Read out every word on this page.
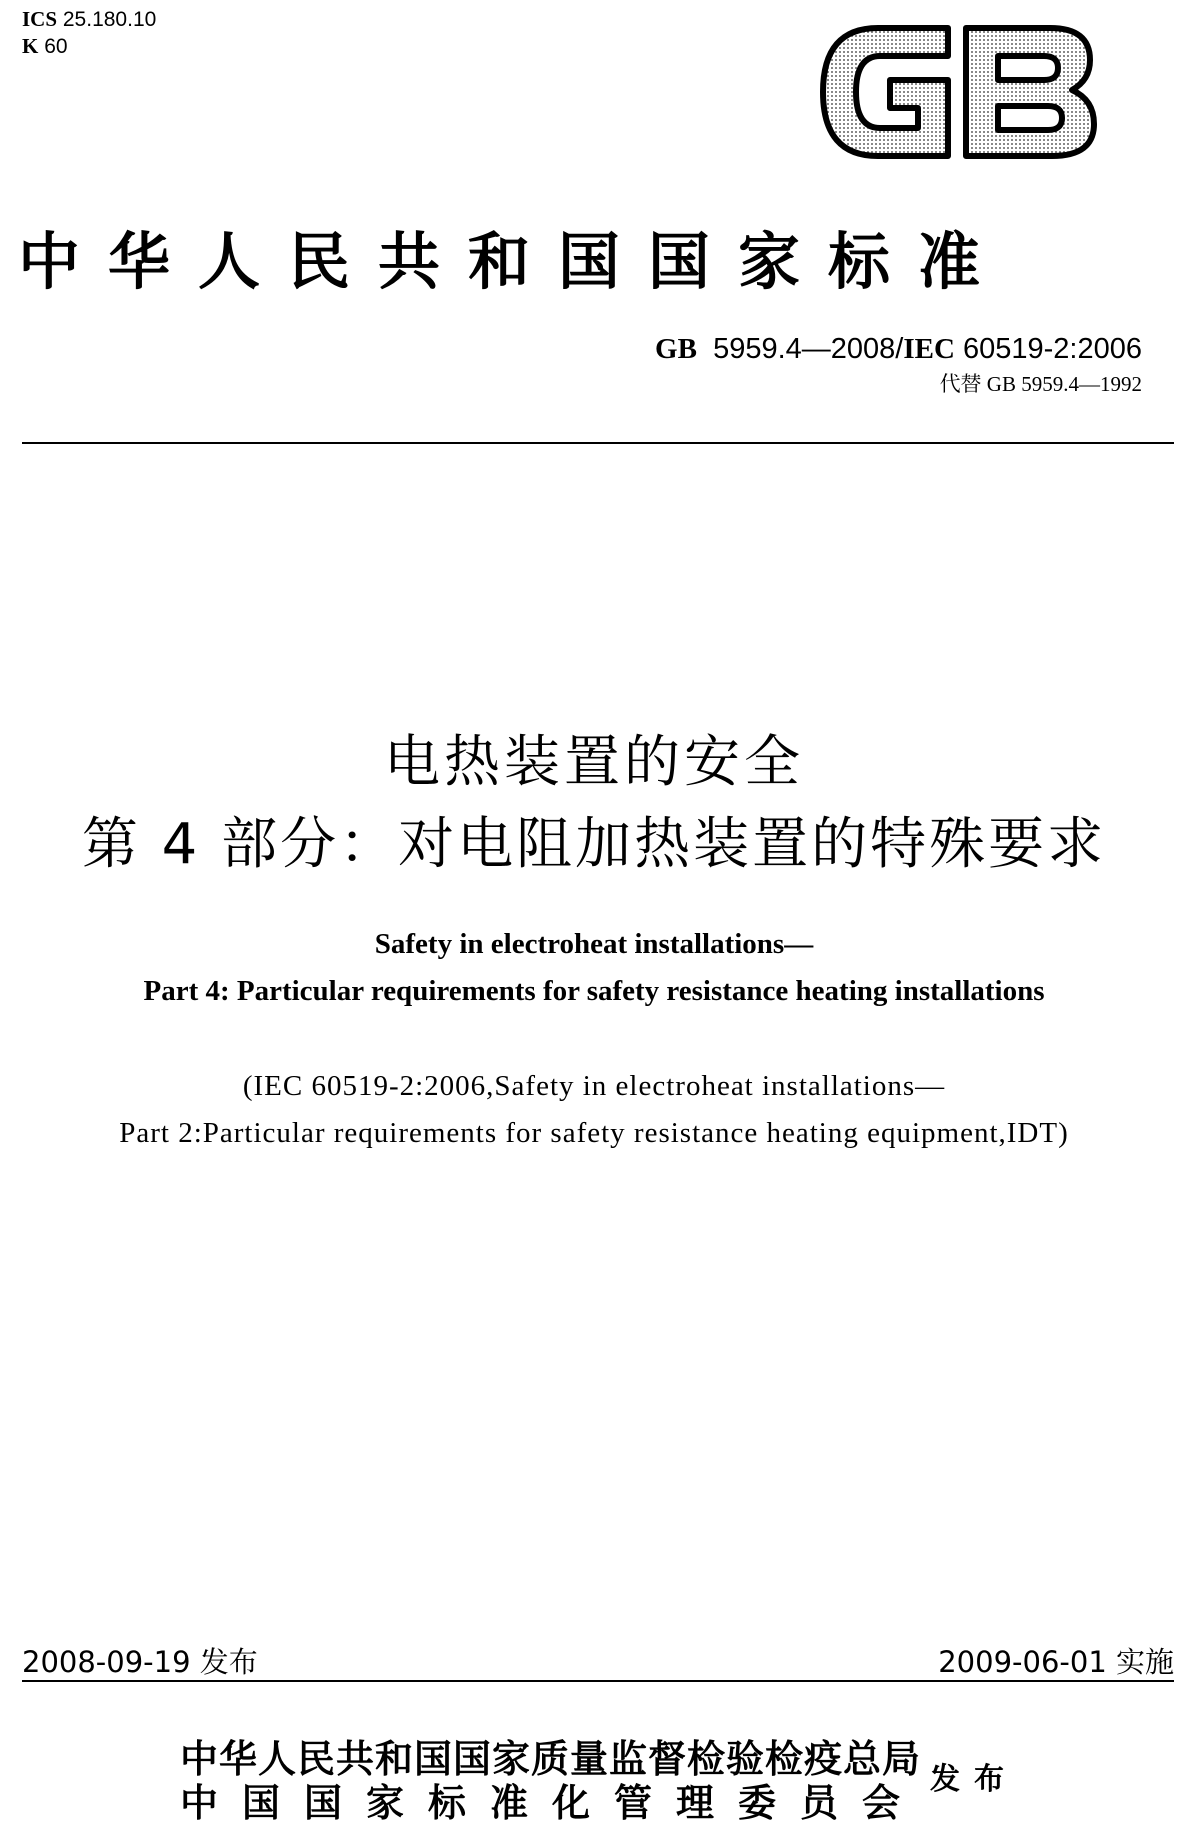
ICS 25.180.10
K 60
GB
中华人民共和国国家标准
GB 5959.4—2008/IEC 60519-2:2006
代替 GB 5959.4—1992
电热装置的安全
第 4 部分：对电阻加热装置的特殊要求
Safety in electroheat installations—
Part 4: Particular requirements for safety resistance heating installations
(IEC 60519-2:2006,Safety in electroheat installations—
Part 2:Particular requirements for safety resistance heating equipment,IDT)
2008-09-19 发布	2009-06-01 实施
中华人民共和国国家质量监督检验检疫总局
中国国家标准化管理委员会
发布
